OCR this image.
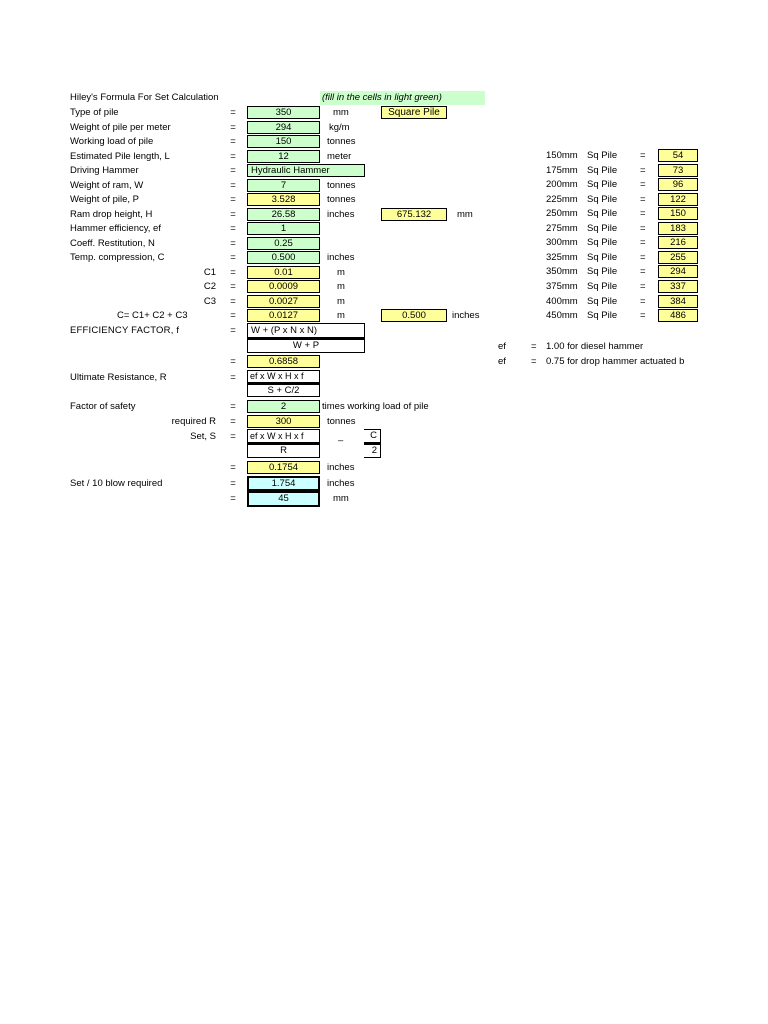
Hiley's Formula For Set Calculation	(fill in the cells in light green)
Type of pile	=	350	mm	Square Pile
Weight of pile per meter	=	294	kg/m
Working load of pile	=	150	tonnes
Estimated Pile length, L	=	12	meter
Driving Hammer	=	Hydraulic Hammer
Weight of ram, W	=	7	tonnes
Weight of pile, P	=	3.528	tonnes
Ram drop height, H	=	26.58	inches	675.132	mm
Hammer efficiency, ef	=	1
Coeff. Restitution, N	=	0.25
Temp. compression, C	=	0.500	inches
C1 =	0.01	m
C2 =	0.0009	m
C3 =	0.0027	m
C= C1+ C2 + C3	=	0.0127	m	0.500	inches
EFFICIENCY FACTOR, f	=	W + (P x N x N)
W + P
=	0.6858
Ultimate Resistance, R	=	ef x W x H x f
S + C/2
Factor of safety	=	2	times working load of pile
required R =	300	tonnes
Set, S =	ef x W x H x f
R
–	C
2
=	0.1754	inches
Set / 10 blow required	=	1.754	inches
=	45	mm
150mm Sq Pile =	54
175mm Sq Pile =	73
200mm Sq Pile =	96
225mm Sq Pile =	122
250mm Sq Pile =	150
275mm Sq Pile =	183
300mm Sq Pile =	216
325mm Sq Pile =	255
350mm Sq Pile =	294
375mm Sq Pile =	337
400mm Sq Pile =	384
450mm Sq Pile =	486
ef	= 1.00 for diesel hammer
ef	= 0.75 for drop hammer actuated b
